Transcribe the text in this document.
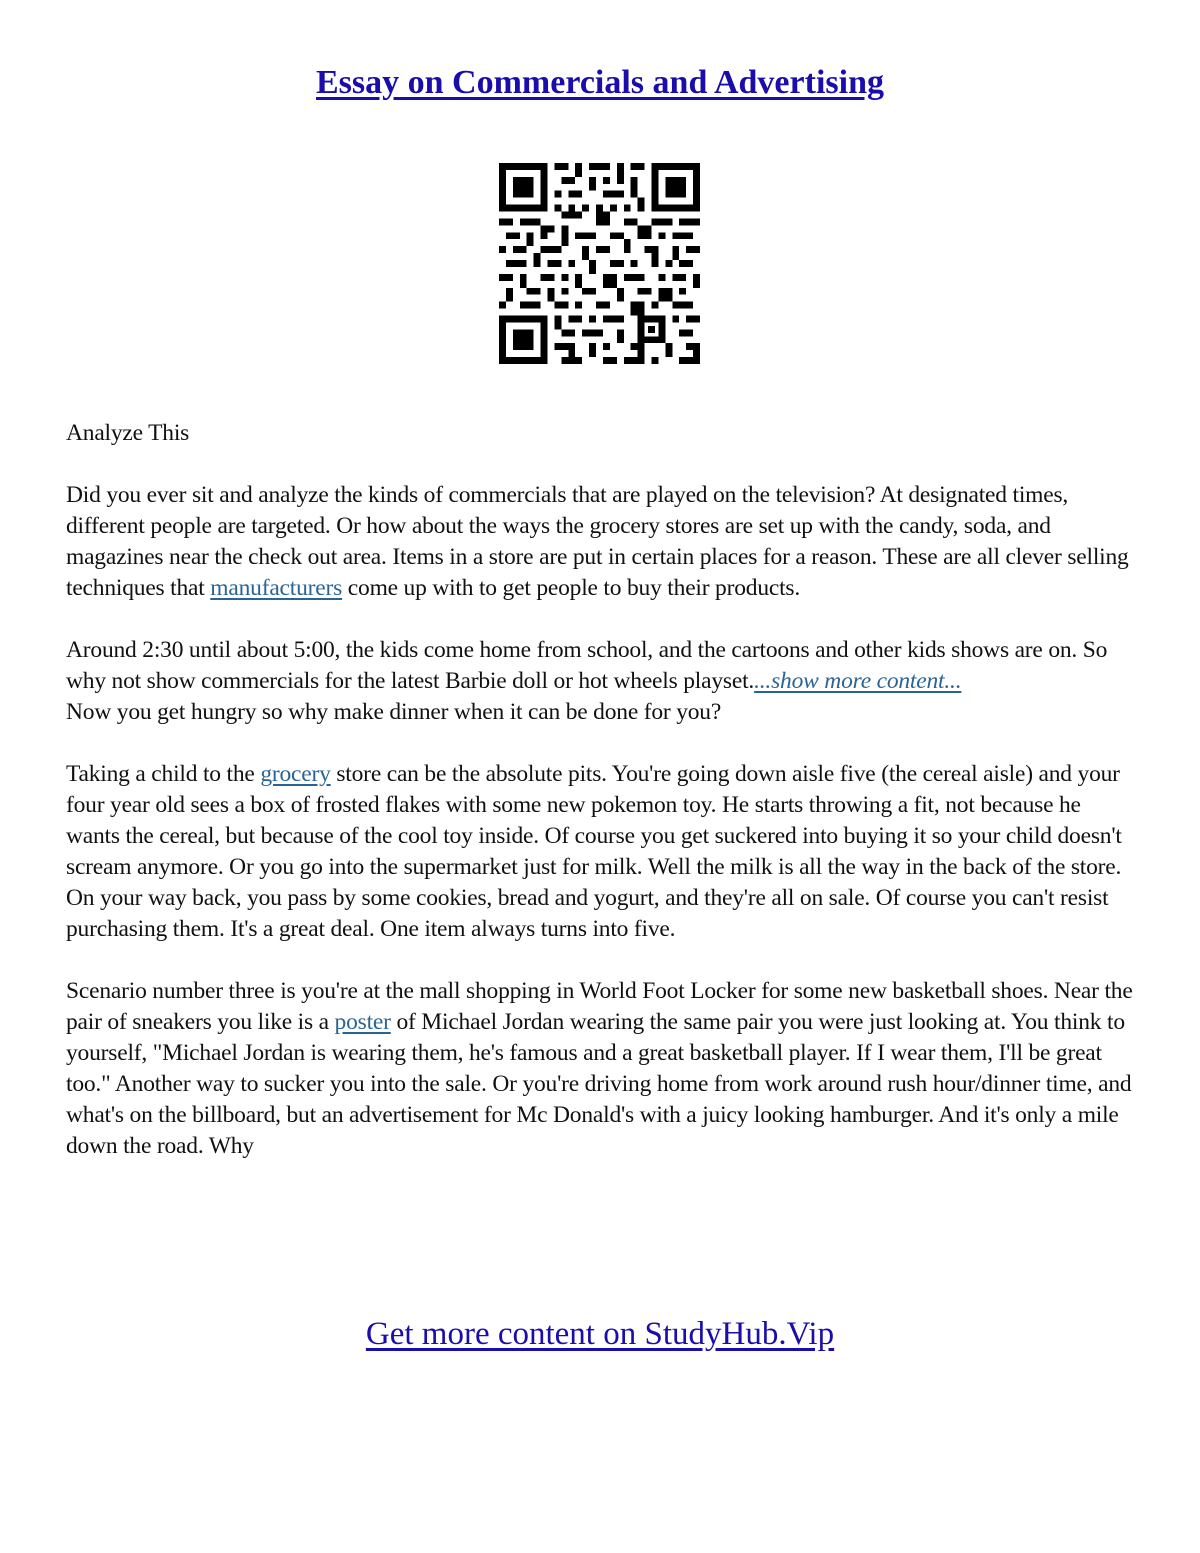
Essay on Commercials and Advertising

Analyze This

Did you ever sit and analyze the kinds of commercials that are played on the television? At designated times, different people are targeted. Or how about the ways the grocery stores are set up with the candy, soda, and magazines near the check out area. Items in a store are put in certain places for a reason. These are all clever selling techniques that manufacturers come up with to get people to buy their products.

Around 2:30 until about 5:00, the kids come home from school, and the cartoons and other kids shows are on. So why not show commercials for the latest Barbie doll or hot wheels playset....show more content...

Now you get hungry so why make dinner when it can be done for you?

Taking a child to the grocery store can be the absolute pits. You're going down aisle five (the cereal aisle) and your four year old sees a box of frosted flakes with some new pokemon toy. He starts throwing a fit, not because he wants the cereal, but because of the cool toy inside. Of course you get suckered into buying it so your child doesn't scream anymore. Or you go into the supermarket just for milk. Well the milk is all the way in the back of the store. On your way back, you pass by some cookies, bread and yogurt, and they're all on sale. Of course you can't resist purchasing them. It's a great deal. One item always turns into five.

Scenario number three is you're at the mall shopping in World Foot Locker for some new basketball shoes. Near the pair of sneakers you like is a poster of Michael Jordan wearing the same pair you were just looking at. You think to yourself, "Michael Jordan is wearing them, he's famous and a great basketball player. If I wear them, I'll be great too." Another way to sucker you into the sale. Or you're driving home from work around rush hour/dinner time, and what's on the billboard, but an advertisement for Mc Donald's with a juicy looking hamburger. And it's only a mile down the road. Why

Get more content on StudyHub.Vip
